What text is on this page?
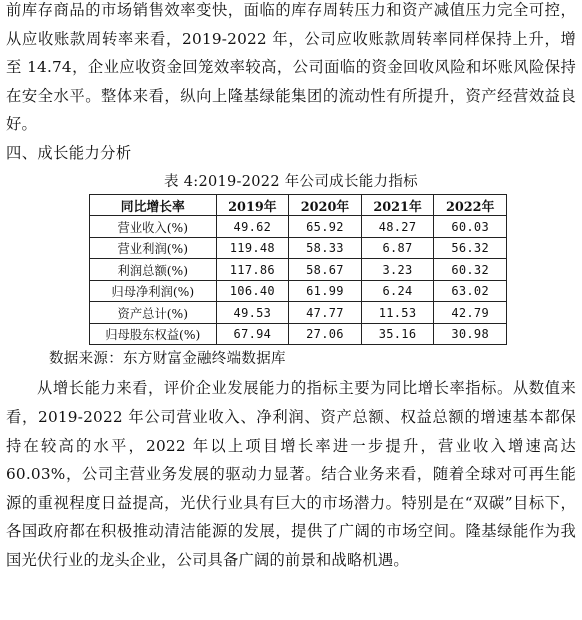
前库存商品的市场销售效率变快，面临的库存周转压力和资产减值压力完全可控，从应收账款周转率来看，2019-2022 年，公司应收账款周转率同样保持上升，增至 14.74，企业应收资金回笼效率较高，公司面临的资金回收风险和坏账风险保持在安全水平。整体来看，纵向上隆基绿能集团的流动性有所提升，资产经营效益良好。

四、成长能力分析

表 4:2019-2022 年公司成长能力指标
同比增长率	2019年	2020年	2021年	2022年
营业收入(%)	49.62	65.92	48.27	60.03
营业利润(%)	119.48	58.33	6.87	56.32
利润总额(%)	117.86	58.67	3.23	60.32
归母净利润(%)	106.40	61.99	6.24	63.02
资产总计(%)	49.53	47.77	11.53	42.79
归母股东权益(%)	67.94	27.06	35.16	30.98
数据来源：东方财富金融终端数据库

从增长能力来看，评价企业发展能力的指标主要为同比增长率指标。从数值来看，2019-2022 年公司营业收入、净利润、资产总额、权益总额的增速基本都保持在较高的水平，2022 年以上项目增长率进一步提升，营业收入增速高达 60.03%，公司主营业务发展的驱动力显著。结合业务来看，随着全球对可再生能源的重视程度日益提高，光伏行业具有巨大的市场潜力。特别是在“双碳”目标下，各国政府都在积极推动清洁能源的发展，提供了广阔的市场空间。隆基绿能作为我国光伏行业的龙头企业，公司具备广阔的前景和战略机遇。
